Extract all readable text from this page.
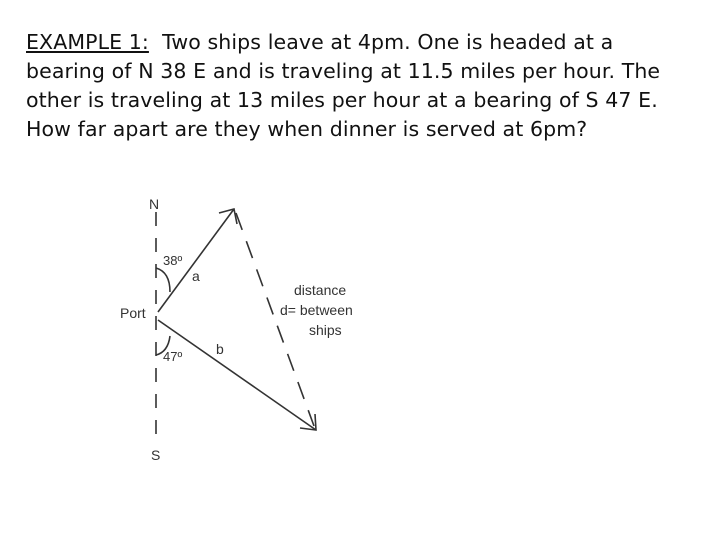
EXAMPLE 1: Two ships leave at 4pm. One is headed at a bearing of N 38 E and is traveling at 11.5 miles per hour. The other is traveling at 13 miles per hour at a bearing of S 47 E. How far apart are they when dinner is served at 6pm?
N
S
Port
38º
47º
a
b
distance
d= between
ships
